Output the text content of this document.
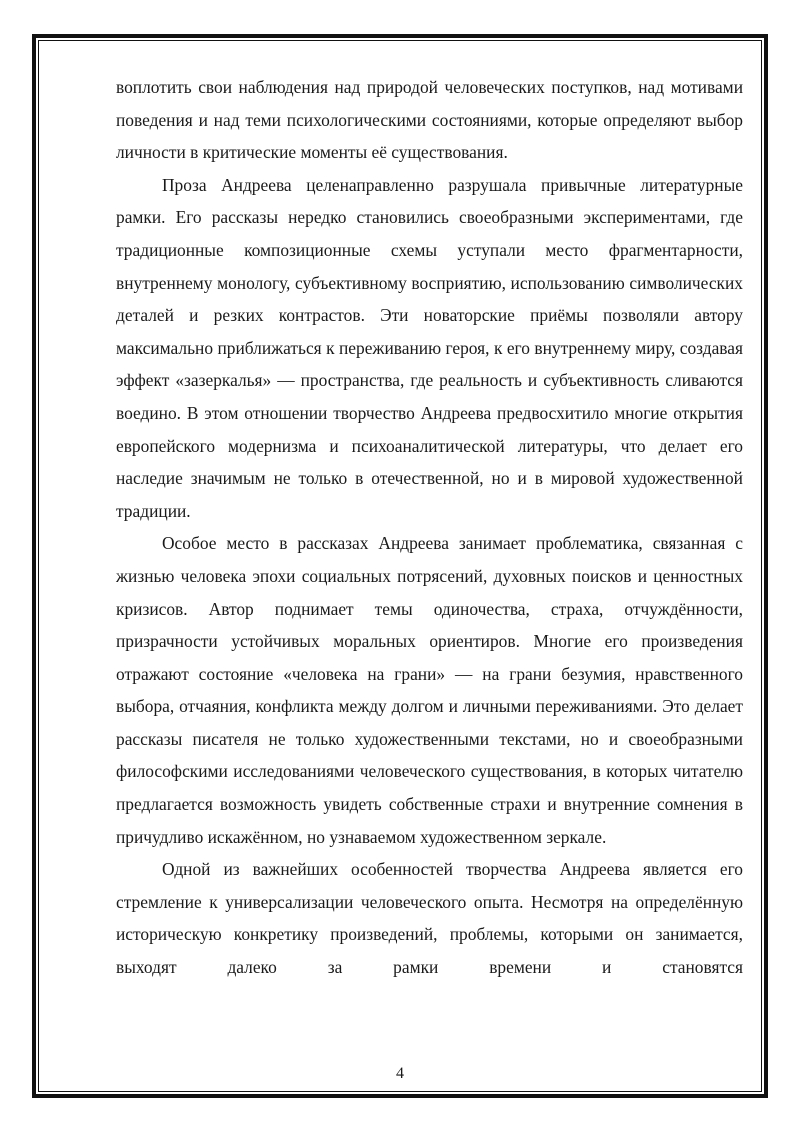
воплотить свои наблюдения над природой человеческих поступков, над мотивами поведения и над теми психологическими состояниями, которые определяют выбор личности в критические моменты её существования.

Проза Андреева целенаправленно разрушала привычные литературные рамки. Его рассказы нередко становились своеобразными экспериментами, где традиционные композиционные схемы уступали место фрагментарности, внутреннему монологу, субъективному восприятию, использованию символических деталей и резких контрастов. Эти новаторские приёмы позволяли автору максимально приближаться к переживанию героя, к его внутреннему миру, создавая эффект «зазеркалья» — пространства, где реальность и субъективность сливаются воедино. В этом отношении творчество Андреева предвосхитило многие открытия европейского модернизма и психоаналитической литературы, что делает его наследие значимым не только в отечественной, но и в мировой художественной традиции.

Особое место в рассказах Андреева занимает проблематика, связанная с жизнью человека эпохи социальных потрясений, духовных поисков и ценностных кризисов. Автор поднимает темы одиночества, страха, отчуждённости, призрачности устойчивых моральных ориентиров. Многие его произведения отражают состояние «человека на грани» — на грани безумия, нравственного выбора, отчаяния, конфликта между долгом и личными переживаниями. Это делает рассказы писателя не только художественными текстами, но и своеобразными философскими исследованиями человеческого существования, в которых читателю предлагается возможность увидеть собственные страхи и внутренние сомнения в причудливо искажённом, но узнаваемом художественном зеркале.

Одной из важнейших особенностей творчества Андреева является его стремление к универсализации человеческого опыта. Несмотря на определённую историческую конкретику произведений, проблемы, которыми он занимается, выходят далеко за рамки времени и становятся

4
